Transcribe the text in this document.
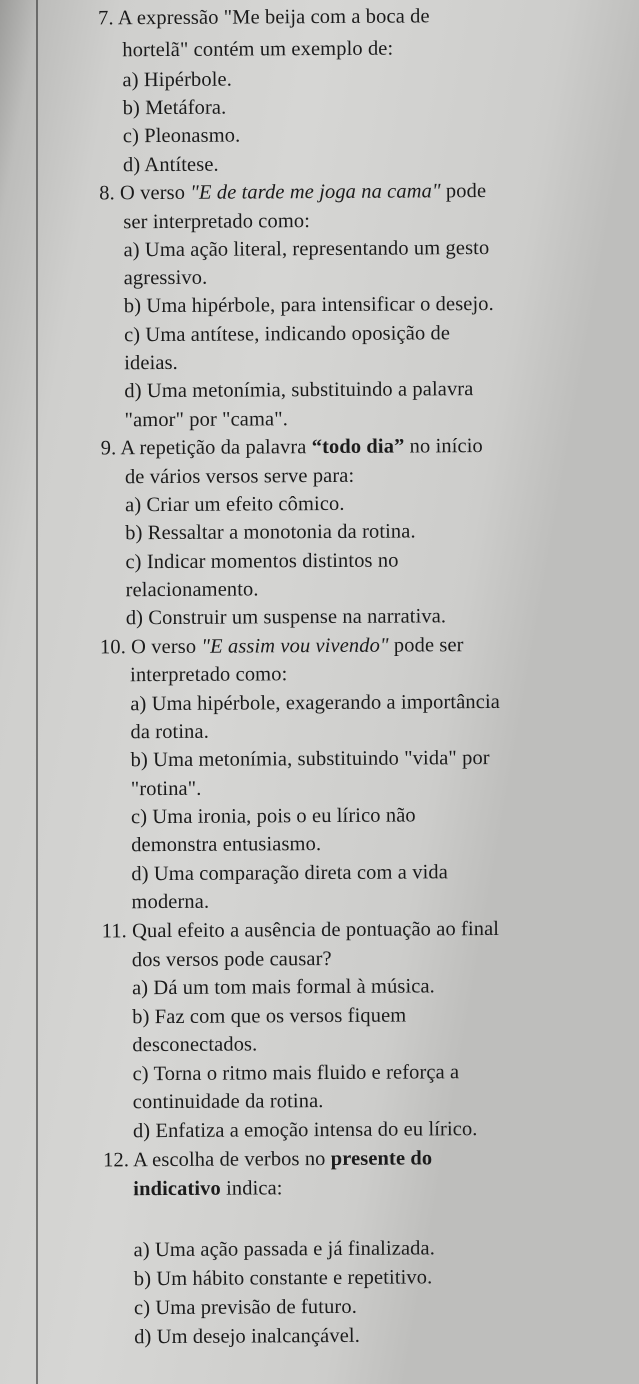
7. A expressão "Me beija com a boca de
hortelã" contém um exemplo de:
a) Hipérbole.
b) Metáfora.
c) Pleonasmo.
d) Antítese.
8. O verso "E de tarde me joga na cama" pode
ser interpretado como:
a) Uma ação literal, representando um gesto
agressivo.
b) Uma hipérbole, para intensificar o desejo.
c) Uma antítese, indicando oposição de
ideias.
d) Uma metonímia, substituindo a palavra
"amor" por "cama".
9. A repetição da palavra “todo dia” no início
de vários versos serve para:
a) Criar um efeito cômico.
b) Ressaltar a monotonia da rotina.
c) Indicar momentos distintos no
relacionamento.
d) Construir um suspense na narrativa.
10. O verso "E assim vou vivendo" pode ser
interpretado como:
a) Uma hipérbole, exagerando a importância
da rotina.
b) Uma metonímia, substituindo "vida" por
"rotina".
c) Uma ironia, pois o eu lírico não
demonstra entusiasmo.
d) Uma comparação direta com a vida
moderna.
11. Qual efeito a ausência de pontuação ao final
dos versos pode causar?
a) Dá um tom mais formal à música.
b) Faz com que os versos fiquem
desconectados.
c) Torna o ritmo mais fluido e reforça a
continuidade da rotina.
d) Enfatiza a emoção intensa do eu lírico.
12. A escolha de verbos no presente do
indicativo indica:
a) Uma ação passada e já finalizada.
b) Um hábito constante e repetitivo.
c) Uma previsão de futuro.
d) Um desejo inalcançável.
